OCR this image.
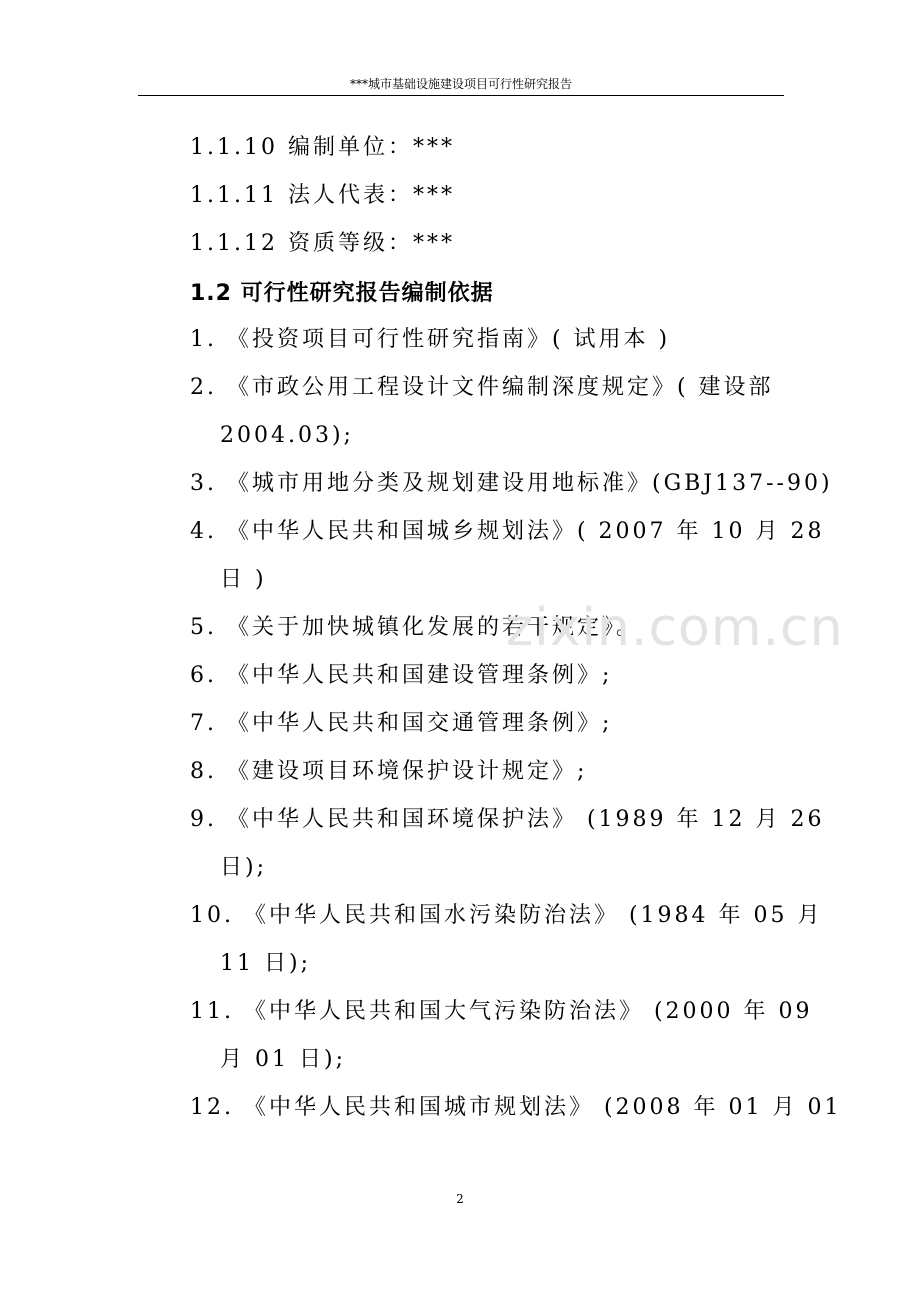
***城市基础设施建设项目可行性研究报告
1.1.10 编制单位：***
1.1.11 法人代表：***
1.1.12 资质等级：***
1.2 可行性研究报告编制依据
1. 《投资项目可行性研究指南》( 试用本 )
2. 《市政公用工程设计文件编制深度规定》( 建设部
2004.03);
3. 《城市用地分类及规划建设用地标准》(GBJ137--90)
4. 《中华人民共和国城乡规划法》( 2007 年 10 月 28
日 )
5. 《关于加快城镇化发展的若干规定》。
6. 《中华人民共和国建设管理条例》;
7. 《中华人民共和国交通管理条例》;
8. 《建设项目环境保护设计规定》;
9. 《中华人民共和国环境保护法》 (1989 年 12 月 26
日);
10. 《中华人民共和国水污染防治法》 (1984 年 05 月
11 日);
11. 《中华人民共和国大气污染防治法》 (2000 年 09
月 01 日);
12. 《中华人民共和国城市规划法》 (2008 年 01 月 01
zixin.com.cn
2
